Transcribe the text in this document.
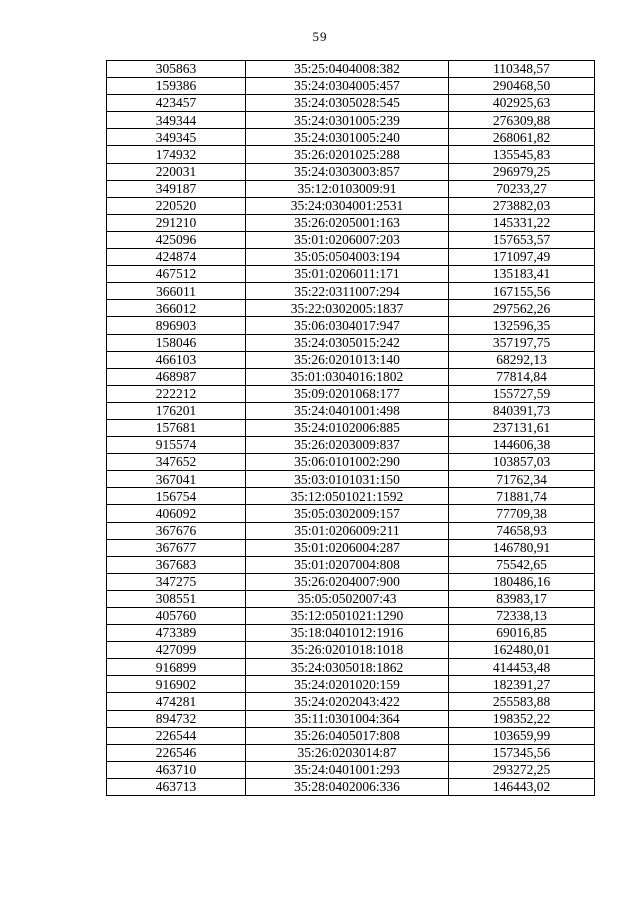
59
305863	35:25:0404008:382	110348,57
159386	35:24:0304005:457	290468,50
423457	35:24:0305028:545	402925,63
349344	35:24:0301005:239	276309,88
349345	35:24:0301005:240	268061,82
174932	35:26:0201025:288	135545,83
220031	35:24:0303003:857	296979,25
349187	35:12:0103009:91	70233,27
220520	35:24:0304001:2531	273882,03
291210	35:26:0205001:163	145331,22
425096	35:01:0206007:203	157653,57
424874	35:05:0504003:194	171097,49
467512	35:01:0206011:171	135183,41
366011	35:22:0311007:294	167155,56
366012	35:22:0302005:1837	297562,26
896903	35:06:0304017:947	132596,35
158046	35:24:0305015:242	357197,75
466103	35:26:0201013:140	68292,13
468987	35:01:0304016:1802	77814,84
222212	35:09:0201068:177	155727,59
176201	35:24:0401001:498	840391,73
157681	35:24:0102006:885	237131,61
915574	35:26:0203009:837	144606,38
347652	35:06:0101002:290	103857,03
367041	35:03:0101031:150	71762,34
156754	35:12:0501021:1592	71881,74
406092	35:05:0302009:157	77709,38
367676	35:01:0206009:211	74658,93
367677	35:01:0206004:287	146780,91
367683	35:01:0207004:808	75542,65
347275	35:26:0204007:900	180486,16
308551	35:05:0502007:43	83983,17
405760	35:12:0501021:1290	72338,13
473389	35:18:0401012:1916	69016,85
427099	35:26:0201018:1018	162480,01
916899	35:24:0305018:1862	414453,48
916902	35:24:0201020:159	182391,27
474281	35:24:0202043:422	255583,88
894732	35:11:0301004:364	198352,22
226544	35:26:0405017:808	103659,99
226546	35:26:0203014:87	157345,56
463710	35:24:0401001:293	293272,25
463713	35:28:0402006:336	146443,02
